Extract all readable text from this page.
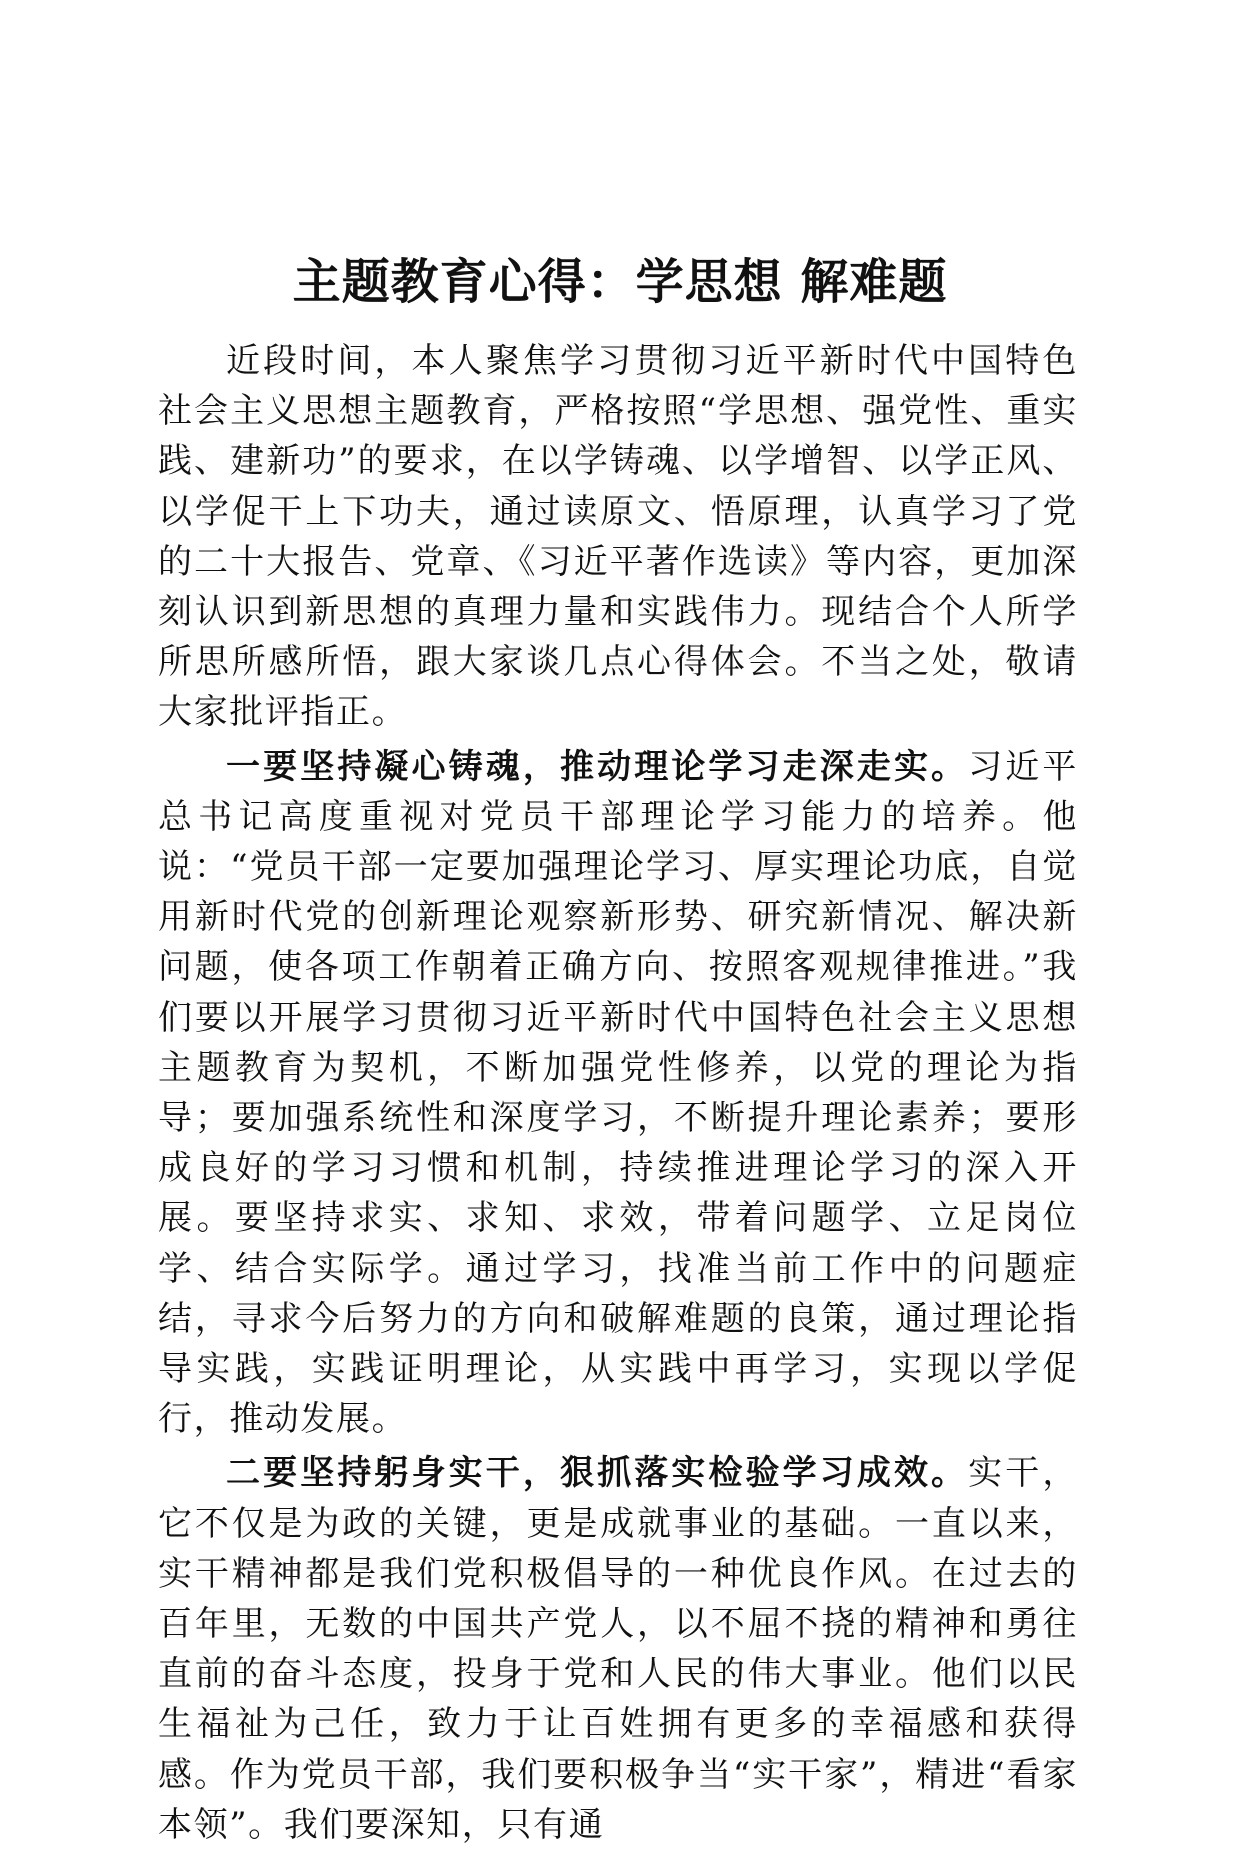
主题教育心得：学思想 解难题

近段时间，本人聚焦学习贯彻习近平新时代中国特色社会主义思想主题教育，严格按照“学思想、强党性、重实践、建新功”的要求，在以学铸魂、以学增智、以学正风、以学促干上下功夫，通过读原文、悟原理，认真学习了党的二十大报告、党章、《习近平著作选读》等内容，更加深刻认识到新思想的真理力量和实践伟力。现结合个人所学所思所感所悟，跟大家谈几点心得体会。不当之处，敬请大家批评指正。

一要坚持凝心铸魂，推动理论学习走深走实。习近平总书记高度重视对党员干部理论学习能力的培养。他说：“党员干部一定要加强理论学习、厚实理论功底，自觉用新时代党的创新理论观察新形势、研究新情况、解决新问题，使各项工作朝着正确方向、按照客观规律推进。”我们要以开展学习贯彻习近平新时代中国特色社会主义思想主题教育为契机，不断加强党性修养，以党的理论为指导；要加强系统性和深度学习，不断提升理论素养；要形成良好的学习习惯和机制，持续推进理论学习的深入开展。要坚持求实、求知、求效，带着问题学、立足岗位学、结合实际学。通过学习，找准当前工作中的问题症结，寻求今后努力的方向和破解难题的良策，通过理论指导实践，实践证明理论，从实践中再学习，实现以学促行，推动发展。

二要坚持躬身实干，狠抓落实检验学习成效。实干，它不仅是为政的关键，更是成就事业的基础。一直以来，实干精神都是我们党积极倡导的一种优良作风。在过去的百年里，无数的中国共产党人，以不屈不挠的精神和勇往直前的奋斗态度，投身于党和人民的伟大事业。他们以民生福祉为己任，致力于让百姓拥有更多的幸福感和获得感。作为党员干部，我们要积极争当“实干家”，精进“看家本领”。我们要深知，只有通
